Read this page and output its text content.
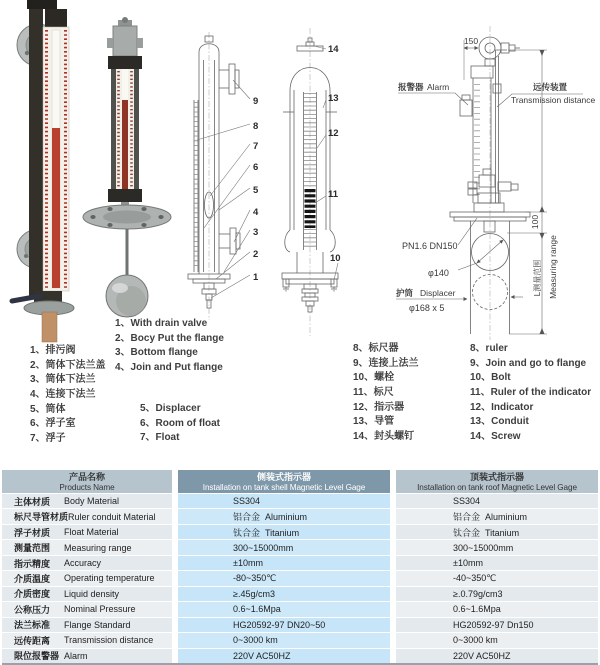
9
8
7
6
5
4
3
2
1
14
13
12
11
10
150
报警器 Alarm	远传装置
Transmission distance
PN1.6 DN150
φ140
护筒 Displacer
φ168 x 5
100
L测量范围 Measuring range
1、排污阀
2、筒体下法兰盖
3、筒体下法兰
4、连接下法兰
5、筒体
6、浮子室
7、浮子
1、With drain valve
2、Bocy Put the flange
3、Bottom flange
4、Join and Put flange
5、Displacer
6、Room of float
7、Float
8、标尺器
9、连接上法兰
10、螺栓
11、标尺
12、指示器
13、导管
14、封头螺钉
8、ruler
9、Join and go to flange
10、Bolt
11、Ruler of the indicator
12、Indicator
13、Conduit
14、Screw
产品名称
Products Name
侧装式指示器
Installation on tank shell Magnetic Level Gage
顶装式指示器
Installation on tank roof Magnetic Level Gage
主体材质	Body Material	SS304	SS304
标尺导管材质 Ruler conduit Material	铝合金  Aluminium	铝合金  Aluminium
浮子材质	Float Material	钛合金  Titanium	钛合金  Titanium
测量范围	Measuring range	300~15000mm	300~15000mm
指示精度	Accuracy	±10mm	±10mm
介质温度	Operating temperature	-80~350℃	-40~350℃
介质密度	Liquid density	≥.45g/cm3	≥.0.79g/cm3
公称压力	Nominal Pressure	0.6~1.6Mpa	0.6~1.6Mpa
法兰标准	Flange Standard	HG20592-97 DN20~50	HG20592-97 Dn150
远传距离	Transmission distance	0~3000 km	0~3000 km
限位报警器 Alarm	220V AC50HZ	220V AC50HZ
